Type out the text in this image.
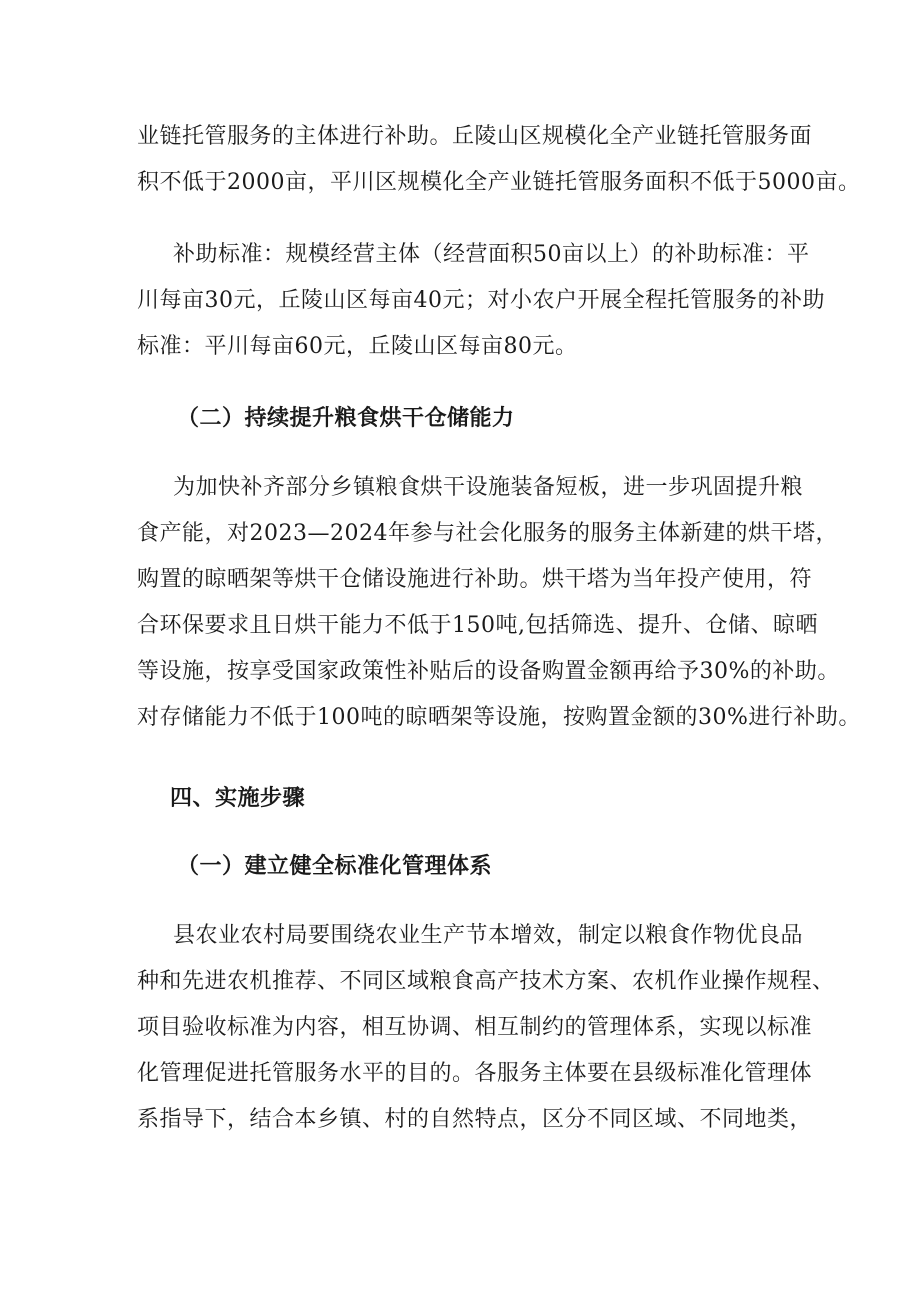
业链托管服务的主体进行补助。丘陵山区规模化全产业链托管服务面
积不低于2000亩，平川区规模化全产业链托管服务面积不低于5000亩。
补助标准：规模经营主体（经营面积50亩以上）的补助标准：平
川每亩30元，丘陵山区每亩40元；对小农户开展全程托管服务的补助
标准：平川每亩60元，丘陵山区每亩80元。
（二）持续提升粮食烘干仓储能力
为加快补齐部分乡镇粮食烘干设施装备短板，进一步巩固提升粮
食产能，对2023—2024年参与社会化服务的服务主体新建的烘干塔，
购置的晾晒架等烘干仓储设施进行补助。烘干塔为当年投产使用，符
合环保要求且日烘干能力不低于150吨,包括筛选、提升、仓储、晾晒
等设施，按享受国家政策性补贴后的设备购置金额再给予30%的补助。
对存储能力不低于100吨的晾晒架等设施，按购置金额的30%进行补助。
四、实施步骤
（一）建立健全标准化管理体系
县农业农村局要围绕农业生产节本增效，制定以粮食作物优良品
种和先进农机推荐、不同区域粮食高产技术方案、农机作业操作规程、
项目验收标准为内容，相互协调、相互制约的管理体系，实现以标准
化管理促进托管服务水平的目的。各服务主体要在县级标准化管理体
系指导下，结合本乡镇、村的自然特点，区分不同区域、不同地类，
